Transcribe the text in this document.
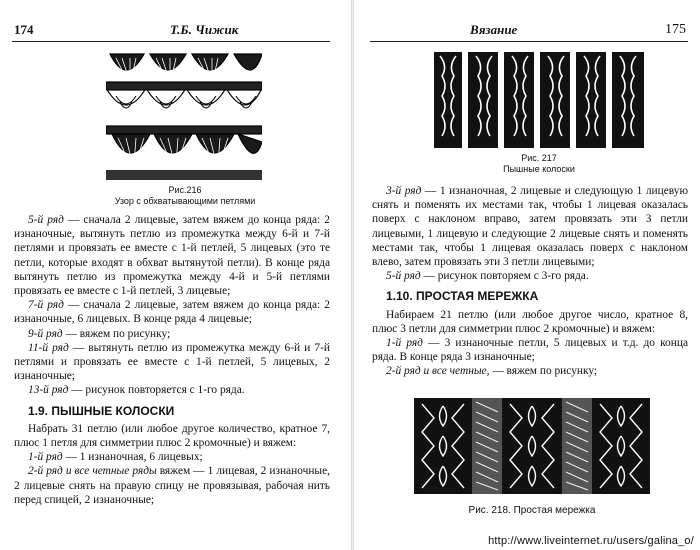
174	Т.Б. Чижик
Рис.216
Узор с обхватывающими петлями

5-й ряд — сначала 2 лицевые, затем вяжем до конца ряда: 2 изнаночные, вытянуть петлю из промежутка между 6-й и 7-й петлями и провязать ее вместе с 1-й петлей, 5 лицевых (это те петли, которые входят в обхват вытянутой петли). В конце ряда вытянуть петлю из промежутка между 4-й и 5-й петлями провязать ее вместе с 1-й петлей, 3 лицевые;

7-й ряд — сначала 2 лицевые, затем вяжем до конца ряда: 2 изнаночные, 6 лицевых. В конце ряда 4 лицевые;

9-й ряд — вяжем по рисунку;

11-й ряд — вытянуть петлю из промежутка между 6-й и 7-й петлями и провязать ее вместе с 1-й петлей, 5 лицевых, 2 изнаночные;

13-й ряд — рисунок повторяется с 1-го ряда.

1.9. ПЫШНЫЕ КОЛОСКИ

Набрать 31 петлю (или любое другое количество, кратное 7, плюс 1 петля для симметрии плюс 2 кромочные) и вяжем:

1-й ряд — 1 изнаночная, 6 лицевых;

2-й ряд и все четные ряды вяжем — 1 лицевая, 2 изнаночные, 2 лицевые снять на правую спицу не провязывая, рабочая нить перед спицей, 2 изнаночные;

Вязание	175
Рис. 217
Пышные колоски

3-й ряд — 1 изнаночная, 2 лицевые и следующую 1 лицевую снять и поменять их местами так, чтобы 1 лицевая оказалась поверх с наклоном вправо, затем провязать эти 3 петли лицевыми, 1 лицевую и следующие 2 лицевые снять и поменять местами так, чтобы 1 лицевая оказалась поверх с наклоном влево, затем провязать эти 3 петли лицевыми;

5-й ряд — рисунок повторяем с 3-го ряда.

1.10. ПРОСТАЯ МЕРЕЖКА

Набираем 21 петлю (или любое другое число, кратное 8, плюс 3 петли для симметрии плюс 2 кромочные) и вяжем:

1-й ряд — 3 изнаночные петли, 5 лицевых и т.д. до конца ряда. В конце ряда 3 изнаночные;

2-й ряд и все четные, — вяжем по рисунку;

Рис. 218. Простая мережка
http://www.liveinternet.ru/users/galina_o/
